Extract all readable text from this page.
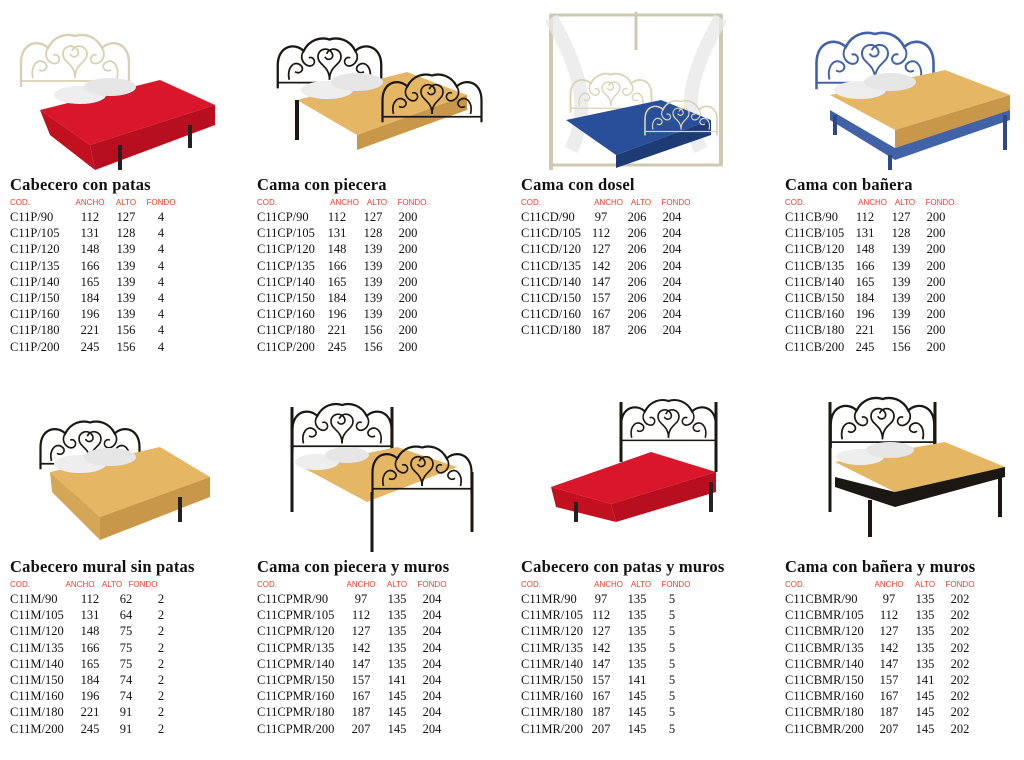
Cabecero con patas
COD.	ANCHO	ALTO	FONDO
C11P/90	112	127	4
C11P/105	131	128	4
C11P/120	148	139	4
C11P/135	166	139	4
C11P/140	165	139	4
C11P/150	184	139	4
C11P/160	196	139	4
C11P/180	221	156	4
C11P/200	245	156	4
Cama con piecera
COD.	ANCHO ALTO	FONDO
C11CP/90	112	127	200
C11CP/105	131	128	200
C11CP/120	148	139	200
C11CP/135	166	139	200
C11CP/140	165	139	200
C11CP/150	184	139	200
C11CP/160	196	139	200
C11CP/180	221	156	200
C11CP/200	245	156	200
Cama con dosel
COD.	ANCHO ALTO	FONDO
C11CD/90	97	206	204
C11CD/105 112	206	204
C11CD/120 127	206	204
C11CD/135 142	206	204
C11CD/140 147	206	204
C11CD/150 157	206	204
C11CD/160 167	206	204
C11CD/180 187	206	204
Cama con bañera
COD.	ANCHO ALTO	FONDO
C11CB/90	112	127	200
C11CB/105 131	128	200
C11CB/120 148	139	200
C11CB/135 166	139	200
C11CB/140 165	139	200
C11CB/150 184	139	200
C11CB/160 196	139	200
C11CB/180 221	156	200
C11CB/200 245	156	200
Cabecero mural sin patas
COD.	ANCHO ALTO FONDO
C11M/90	112	62	2
C11M/105	131	64	2
C11M/120	148	75	2
C11M/135	166	75	2
C11M/140	165	75	2
C11M/150	184	74	2
C11M/160	196	74	2
C11M/180	221	91	2
C11M/200	245	91	2
Cama con piecera y muros
COD.	ANCHO	ALTO	FONDO
C11CPMR/90	97	135	204
C11CPMR/105	112	135	204
C11CPMR/120	127	135	204
C11CPMR/135	142	135	204
C11CPMR/140	147	135	204
C11CPMR/150	157	141	204
C11CPMR/160	167	145	204
C11CPMR/180	187	145	204
C11CPMR/200	207	145	204
Cabecero con patas y muros
COD.	ANCHO ALTO	FONDO
C11MR/90	97	135	5
C11MR/105 112	135	5
C11MR/120 127	135	5
C11MR/135 142	135	5
C11MR/140 147	135	5
C11MR/150 157	141	5
C11MR/160 167	145	5
C11MR/180 187	145	5
C11MR/200 207	145	5
Cama con bañera y muros
COD.	ANCHO	ALTO	FONDO
C11CBMR/90	97	135	202
C11CBMR/105	112	135	202
C11CBMR/120	127	135	202
C11CBMR/135	142	135	202
C11CBMR/140	147	135	202
C11CBMR/150	157	141	202
C11CBMR/160	167	145	202
C11CBMR/180	187	145	202
C11CBMR/200	207	145	202
